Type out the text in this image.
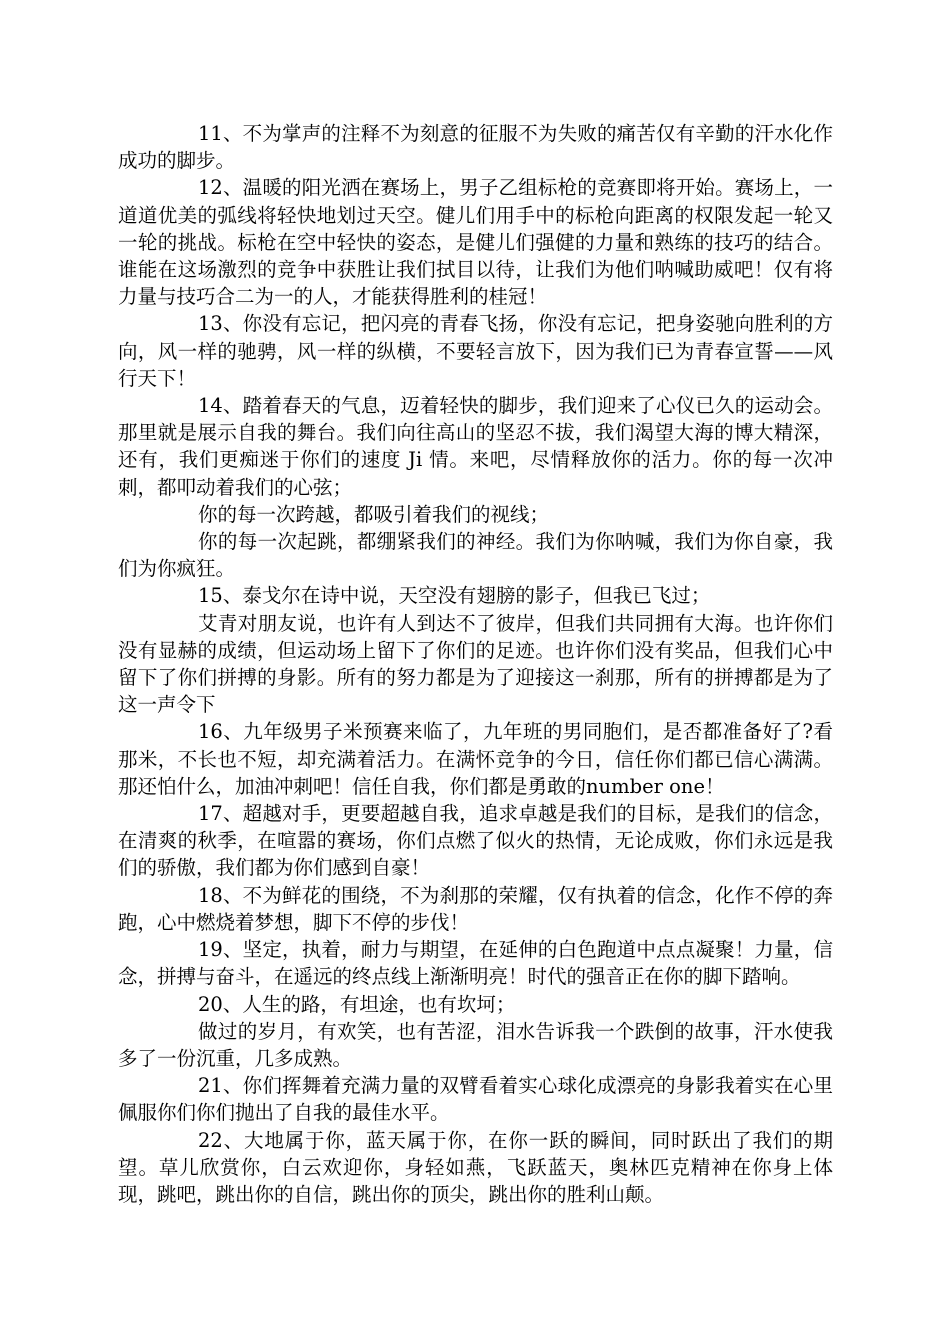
11、不为掌声的注释不为刻意的征服不为失败的痛苦仅有辛勤的汗水化作成功的脚步。

12、温暖的阳光洒在赛场上，男子乙组标枪的竞赛即将开始。赛场上，一道道优美的弧线将轻快地划过天空。健儿们用手中的标枪向距离的权限发起一轮又一轮的挑战。标枪在空中轻快的姿态，是健儿们强健的力量和熟练的技巧的结合。谁能在这场激烈的竞争中获胜让我们拭目以待，让我们为他们呐喊助威吧！仅有将力量与技巧合二为一的人，才能获得胜利的桂冠！

13、你没有忘记，把闪亮的青春飞扬，你没有忘记，把身姿驰向胜利的方向，风一样的驰骋，风一样的纵横，不要轻言放下，因为我们已为青春宣誓——风行天下！

14、踏着春天的气息，迈着轻快的脚步，我们迎来了心仪已久的运动会。那里就是展示自我的舞台。我们向往高山的坚忍不拔，我们渴望大海的博大精深，还有，我们更痴迷于你们的速度 Ji 情。来吧，尽情释放你的活力。你的每一次冲刺，都叩动着我们的心弦；

你的每一次跨越，都吸引着我们的视线；

你的每一次起跳，都绷紧我们的神经。我们为你呐喊，我们为你自豪，我们为你疯狂。

15、泰戈尔在诗中说，天空没有翅膀的影子，但我已飞过；

艾青对朋友说，也许有人到达不了彼岸，但我们共同拥有大海。也许你们没有显赫的成绩，但运动场上留下了你们的足迹。也许你们没有奖品，但我们心中留下了你们拼搏的身影。所有的努力都是为了迎接这一刹那，所有的拼搏都是为了这一声令下

16、九年级男子米预赛来临了，九年班的男同胞们，是否都准备好了?看那米，不长也不短，却充满着活力。在满怀竞争的今日，信任你们都已信心满满。那还怕什么，加油冲刺吧！信任自我，你们都是勇敢的number one！

17、超越对手，更要超越自我，追求卓越是我们的目标，是我们的信念，在清爽的秋季，在喧嚣的赛场，你们点燃了似火的热情，无论成败，你们永远是我们的骄傲，我们都为你们感到自豪！

18、不为鲜花的围绕，不为刹那的荣耀，仅有执着的信念，化作不停的奔跑，心中燃烧着梦想，脚下不停的步伐！

19、坚定，执着，耐力与期望，在延伸的白色跑道中点点凝聚！力量，信念，拼搏与奋斗，在遥远的终点线上渐渐明亮！时代的强音正在你的脚下踏响。

20、人生的路，有坦途，也有坎坷；

做过的岁月，有欢笑，也有苦涩，泪水告诉我一个跌倒的故事，汗水使我多了一份沉重，几多成熟。

21、你们挥舞着充满力量的双臂看着实心球化成漂亮的身影我着实在心里佩服你们你们抛出了自我的最佳水平。

22、大地属于你，蓝天属于你，在你一跃的瞬间，同时跃出了我们的期望。草儿欣赏你，白云欢迎你，身轻如燕，飞跃蓝天，奥林匹克精神在你身上体现，跳吧，跳出你的自信，跳出你的顶尖，跳出你的胜利山颠。
